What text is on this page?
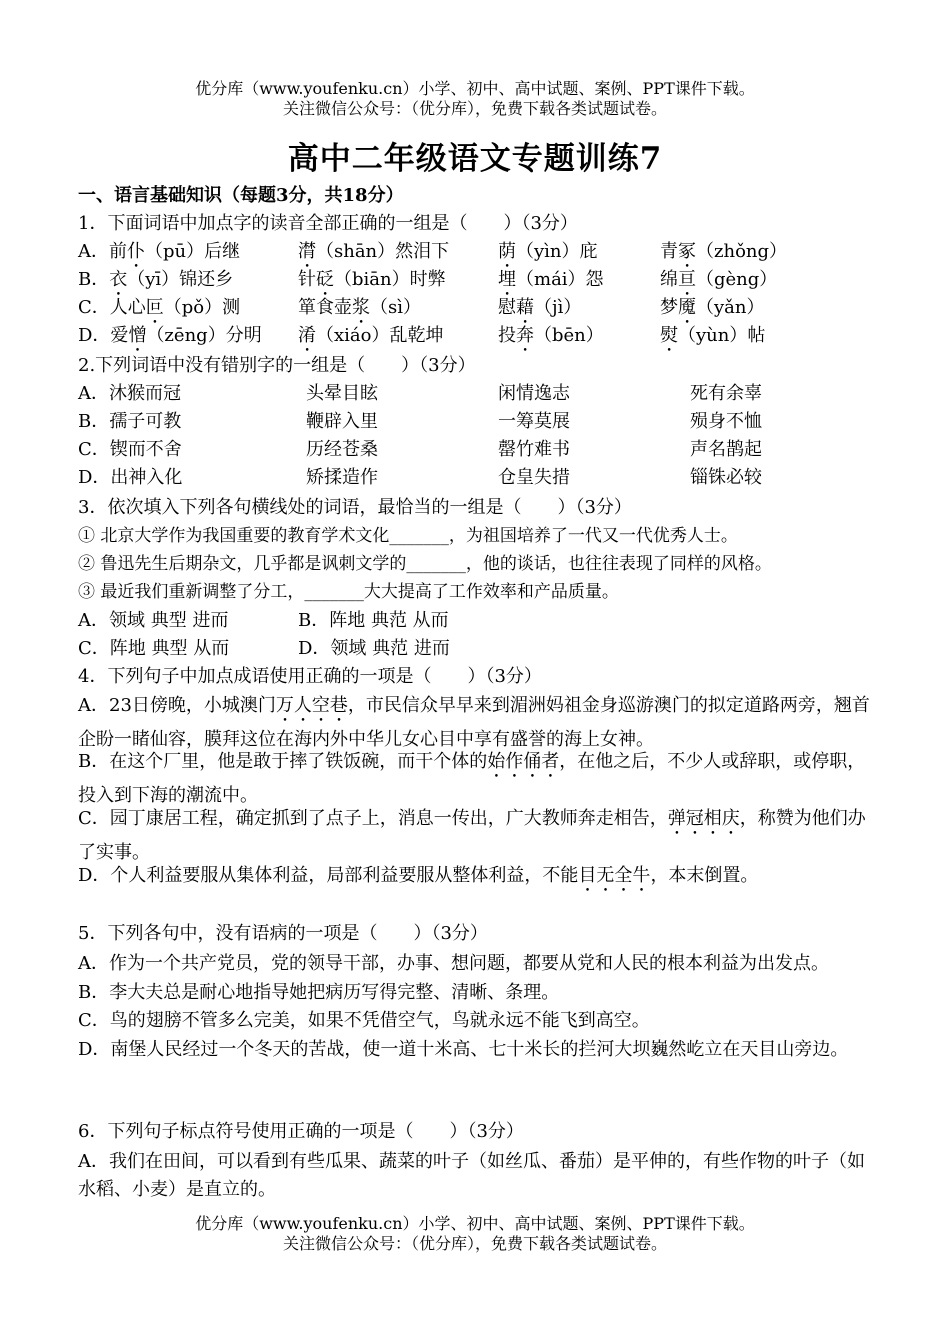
优分库（www.youfenku.cn）小学、初中、高中试题、案例、PPT课件下载。
关注微信公众号：（优分库），免费下载各类试题试卷。
高中二年级语文专题训练7
一、语言基础知识（每题3分，共18分）
1．下面词语中加点字的读音全部正确的一组是（　　）（3分）
A．前仆（pū）后继	潸（shān）然泪下	荫（yìn）庇	青冢（zhǒng）
B．衣（yī）锦还乡	针砭（biān）时弊	埋（mái）怨	绵亘（gèng）
C．人心叵（pǒ）测	箪食壶浆（sì）	慰藉（jì）	梦魇（yǎn）
D．爱憎（zēng）分明 淆（xiáo）乱乾坤	投奔（bēn）	熨（yùn）帖
2.下列词语中没有错别字的一组是（　　）（3分）
A．沐猴而冠	头晕目眩	闲情逸志	死有余辜
B．孺子可教	鞭辟入里	一筹莫展	殒身不恤
C．锲而不舍	历经苍桑	罄竹难书	声名鹊起
D．出神入化	矫揉造作	仓皇失措	锱铢必较
3．依次填入下列各句横线处的词语，最恰当的一组是（　　）（3分）
① 北京大学作为我国重要的教育学术文化_______，为祖国培养了一代又一代优秀人士。
② 鲁迅先生后期杂文，几乎都是讽刺文学的_______，他的谈话，也往往表现了同样的风格。
③ 最近我们重新调整了分工，_______大大提高了工作效率和产品质量。
A．领域 典型 进而	B．阵地 典范 从而
C．阵地 典型 从而	D．领域 典范 进而
4．下列句子中加点成语使用正确的一项是（　　）（3分）
A．23日傍晚，小城澳门万人空巷，市民信众早早来到湄洲妈祖金身巡游澳门的拟定道路两旁，翘首企盼一睹仙容，膜拜这位在海内外中华儿女心目中享有盛誉的海上女神。
B．在这个厂里，他是敢于摔了铁饭碗，而干个体的始作俑者，在他之后，不少人或辞职，或停职，投入到下海的潮流中。
C．园丁康居工程，确定抓到了点子上，消息一传出，广大教师奔走相告，弹冠相庆，称赞为他们办了实事。
D．个人利益要服从集体利益，局部利益要服从整体利益，不能目无全牛，本末倒置。
5．下列各句中，没有语病的一项是（　　）（3分）
A．作为一个共产党员，党的领导干部，办事、想问题，都要从党和人民的根本利益为出发点。
B．李大夫总是耐心地指导她把病历写得完整、清晰、条理。
C．鸟的翅膀不管多么完美，如果不凭借空气，鸟就永远不能飞到高空。
D．南堡人民经过一个冬天的苦战，使一道十米高、七十米长的拦河大坝巍然屹立在天目山旁边。
6．下列句子标点符号使用正确的一项是（　　）（3分）
A．我们在田间，可以看到有些瓜果、蔬菜的叶子（如丝瓜、番茄）是平伸的，有些作物的叶子（如水稻、小麦）是直立的。
优分库（www.youfenku.cn）小学、初中、高中试题、案例、PPT课件下载。
关注微信公众号：（优分库），免费下载各类试题试卷。
